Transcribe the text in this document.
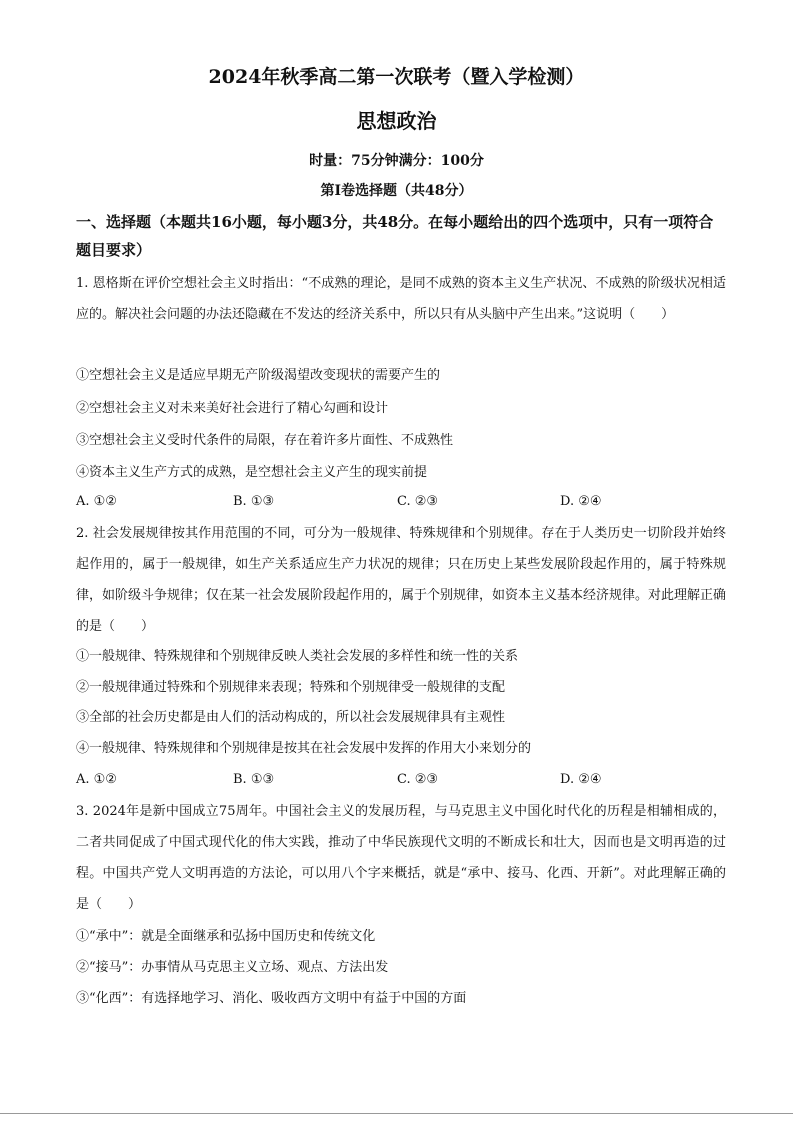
2024年秋季高二第一次联考（暨入学检测）
思想政治
时量：75分钟满分：100分
第Ⅰ卷选择题（共48分）
一、选择题（本题共16小题，每小题3分，共48分。在每小题给出的四个选项中，只有一项符合题目要求）
1. 恩格斯在评价空想社会主义时指出：“不成熟的理论，是同不成熟的资本主义生产状况、不成熟的阶级状况相适应的。解决社会问题的办法还隐藏在不发达的经济关系中，所以只有从头脑中产生出来。”这说明（　　）
①空想社会主义是适应早期无产阶级渴望改变现状的需要产生的
②空想社会主义对未来美好社会进行了精心勾画和设计
③空想社会主义受时代条件的局限，存在着许多片面性、不成熟性
④资本主义生产方式的成熟，是空想社会主义产生的现实前提
A. ①②	B. ①③	C. ②③	D. ②④
2. 社会发展规律按其作用范围的不同，可分为一般规律、特殊规律和个别规律。存在于人类历史一切阶段并始终起作用的，属于一般规律，如生产关系适应生产力状况的规律；只在历史上某些发展阶段起作用的，属于特殊规律，如阶级斗争规律；仅在某一社会发展阶段起作用的，属于个别规律，如资本主义基本经济规律。对此理解正确的是（　　）
①一般规律、特殊规律和个别规律反映人类社会发展的多样性和统一性的关系
②一般规律通过特殊和个别规律来表现；特殊和个别规律受一般规律的支配
③全部的社会历史都是由人们的活动构成的，所以社会发展规律具有主观性
④一般规律、特殊规律和个别规律是按其在社会发展中发挥的作用大小来划分的
A. ①②	B. ①③	C. ②③	D. ②④
3. 2024年是新中国成立75周年。中国社会主义的发展历程，与马克思主义中国化时代化的历程是相辅相成的，二者共同促成了中国式现代化的伟大实践，推动了中华民族现代文明的不断成长和壮大，因而也是文明再造的过程。中国共产党人文明再造的方法论，可以用八个字来概括，就是“承中、接马、化西、开新”。对此理解正确的是（　　）
①“承中”：就是全面继承和弘扬中国历史和传统文化
②“接马”：办事情从马克思主义立场、观点、方法出发
③“化西”：有选择地学习、消化、吸收西方文明中有益于中国的方面
